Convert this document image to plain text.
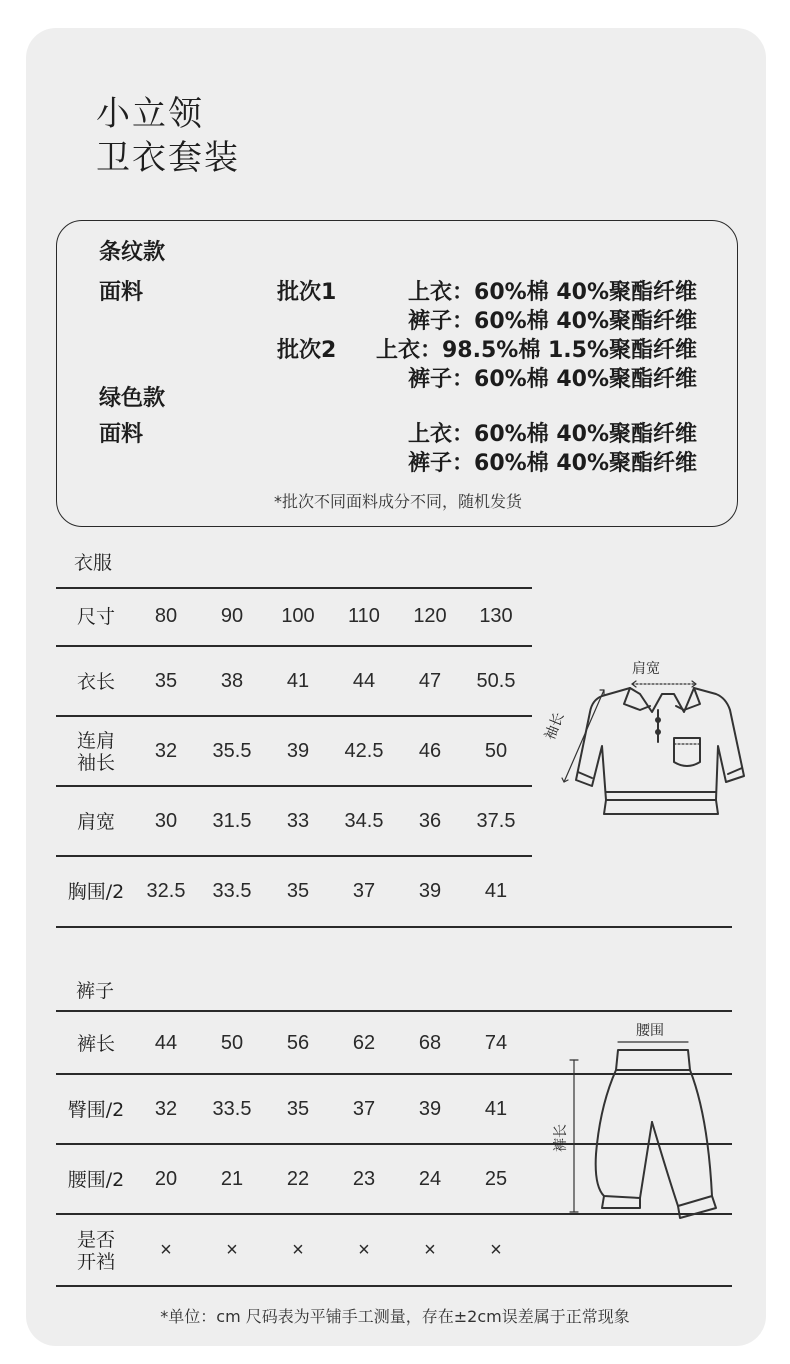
小立领
卫衣套装
条纹款
面料	批次1	上衣：60%棉 40%聚酯纤维
裤子：60%棉 40%聚酯纤维
批次2 上衣：98.5%棉 1.5%聚酯纤维
裤子：60%棉 40%聚酯纤维
绿色款
面料	上衣：60%棉 40%聚酯纤维
裤子：60%棉 40%聚酯纤维
*批次不同面料成分不同，随机发货
衣服
尺寸	80	90	100	110	120	130
衣长	35	38	41	44	47	50.5
连肩
袖长
32	35.5	39	42.5	46	50
肩宽	30	31.5	33	34.5	36	37.5
胸围/2	32.5	33.5	35	37	39	41
肩宽
袖长
裤子
裤长	44	50	56	62	68	74
臀围/2	32	33.5	35	37	39	41
腰围/2	20	21	22	23	24	25
是否
开裆
×	×	×	×	×	×
腰围
裤长
*单位：cm 尺码表为平铺手工测量，存在±2cm误差属于正常现象
